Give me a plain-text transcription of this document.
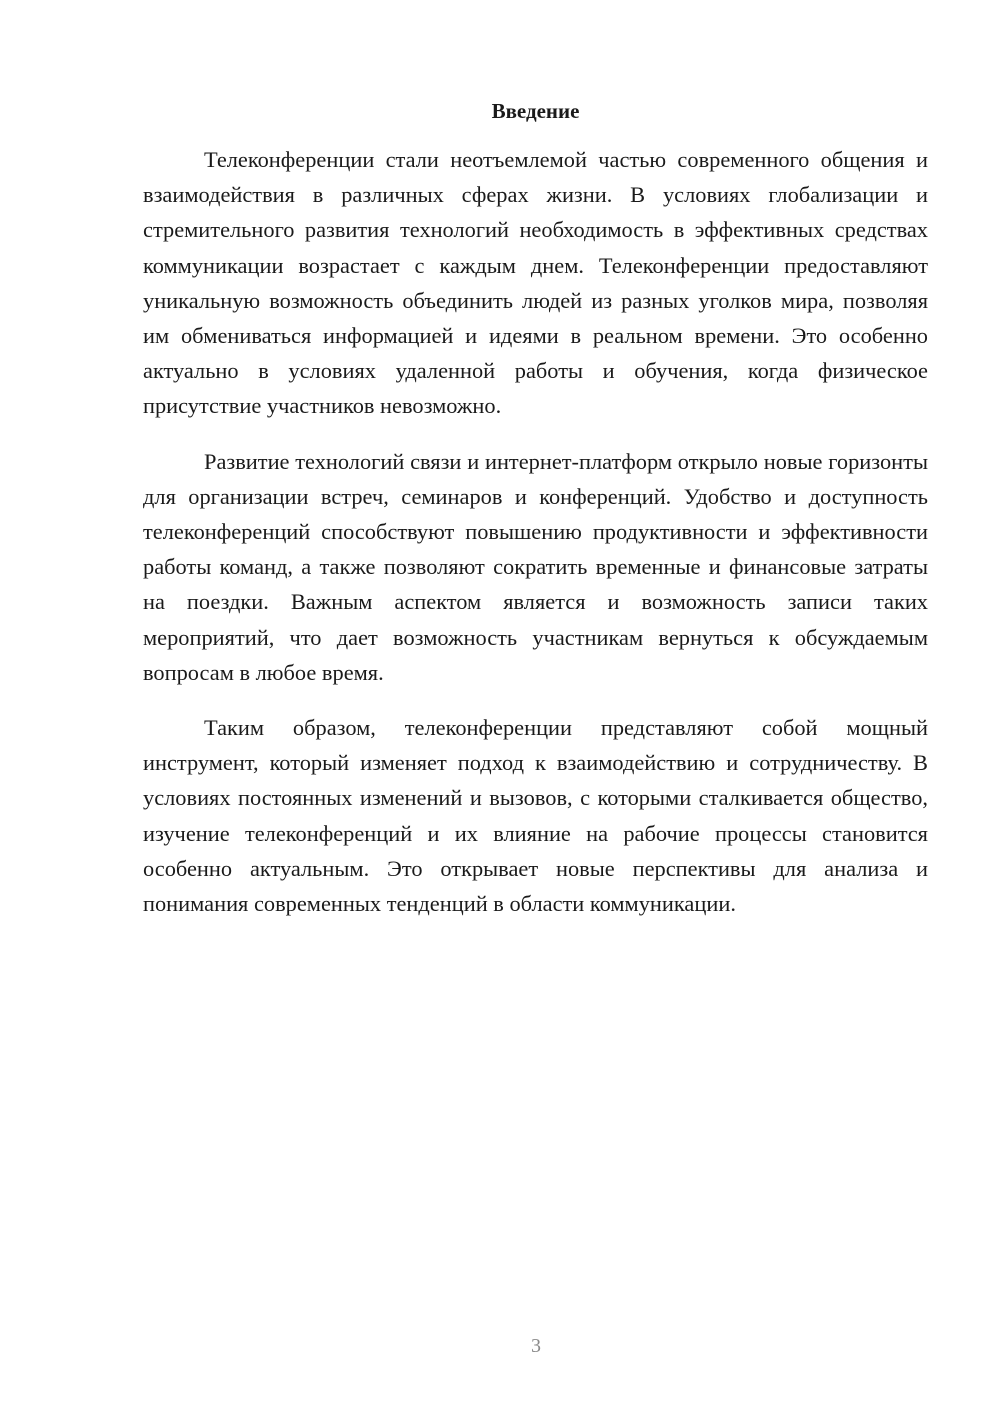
Введение

Телеконференции стали неотъемлемой частью современного общения и взаимодействия в различных сферах жизни. В условиях глобализации и стремительного развития технологий необходимость в эффективных средствах коммуникации возрастает с каждым днем. Телеконференции предоставляют уникальную возможность объединить людей из разных уголков мира, позволяя им обмениваться информацией и идеями в реальном времени. Это особенно актуально в условиях удаленной работы и обучения, когда физическое присутствие участников невозможно.

Развитие технологий связи и интернет-платформ открыло новые горизонты для организации встреч, семинаров и конференций. Удобство и доступность телеконференций способствуют повышению продуктивности и эффективности работы команд, а также позволяют сократить временные и финансовые затраты на поездки. Важным аспектом является и возможность записи таких мероприятий, что дает возможность участникам вернуться к обсуждаемым вопросам в любое время.

Таким образом, телеконференции представляют собой мощный инструмент, который изменяет подход к взаимодействию и сотрудничеству. В условиях постоянных изменений и вызовов, с которыми сталкивается общество, изучение телеконференций и их влияние на рабочие процессы становится особенно актуальным. Это открывает новые перспективы для анализа и понимания современных тенденций в области коммуникации.

3
